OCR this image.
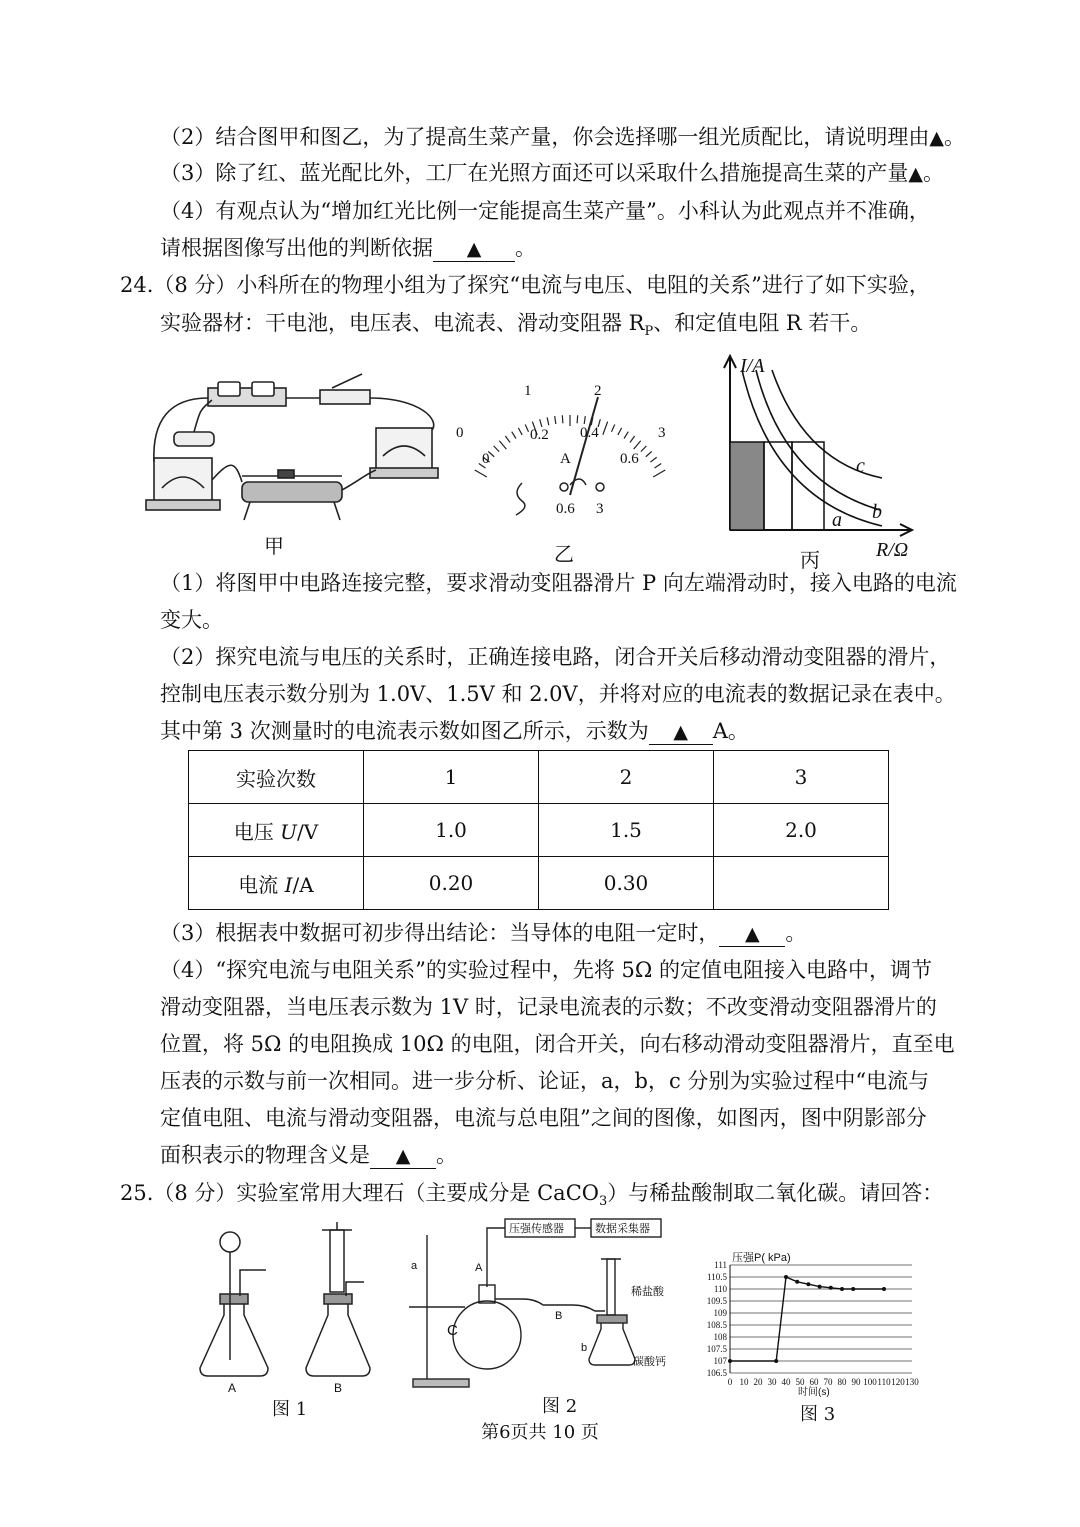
（2）结合图甲和图乙，为了提高生菜产量，你会选择哪一组光质配比，请说明理由▲。
（3）除了红、蓝光配比外，工厂在光照方面还可以采取什么措施提高生菜的产量▲。
（4）有观点认为“增加红光比例一定能提高生菜产量”。小科认为此观点并不准确，
请根据图像写出他的判断依据 ▲ 。
24.（8 分）小科所在的物理小组为了探究“电流与电压、电阻的关系”进行了如下实验，
实验器材：干电池，电压表、电流表、滑动变阻器 $R_P$、和定值电阻 R 若干。
甲
0
1	2
3
0
0.2 0.4
0.6
A
0.6 3
乙
I/A
R/Ω
a b
c
丙
（1）将图甲中电路连接完整，要求滑动变阻器滑片 P 向左端滑动时，接入电路的电流
变大。
（2）探究电流与电压的关系时，正确连接电路，闭合开关后移动滑动变阻器的滑片，
控制电压表示数分别为 1.0V、1.5V 和 2.0V，并将对应的电流表的数据记录在表中。
其中第 3 次测量时的电流表示数如图乙所示，示数为 ▲ A。
实验次数	1	2	3
电压 U/V	1.0	1.5	2.0
电流 I/A	0.20	0.30	
（3）根据表中数据可初步得出结论：当导体的电阻一定时， ▲ 。
（4）“探究电流与电阻关系”的实验过程中，先将 5Ω 的定值电阻接入电路中，调节
滑动变阻器，当电压表示数为 1V 时，记录电流表的示数；不改变滑动变阻器滑片的
位置，将 5Ω 的电阻换成 10Ω 的电阻，闭合开关，向右移动滑动变阻器滑片，直至电
压表的示数与前一次相同。进一步分析、论证，a，b，c 分别为实验过程中“电流与
定值电阻、电流与滑动变阻器，电流与总电阻”之间的图像，如图丙，图中阴影部分
面积表示的物理含义是 ▲ 。
25.（8 分）实验室常用大理石（主要成分是 CaCO$_3$）与稀盐酸制取二氧化碳。请回答：
A	B
图 1
压强传感器	数据采集器
稀盐酸
碳酸钙
a	A
B
b
C
图 2
压强P( kPa)
时间(s)
106.5
107
107.5
108
108.5
109
109.5
110
110.5
111
0 10 20 30 40 50 60 70 80 90 100 110 120 130
图 3
第6页共 10 页
